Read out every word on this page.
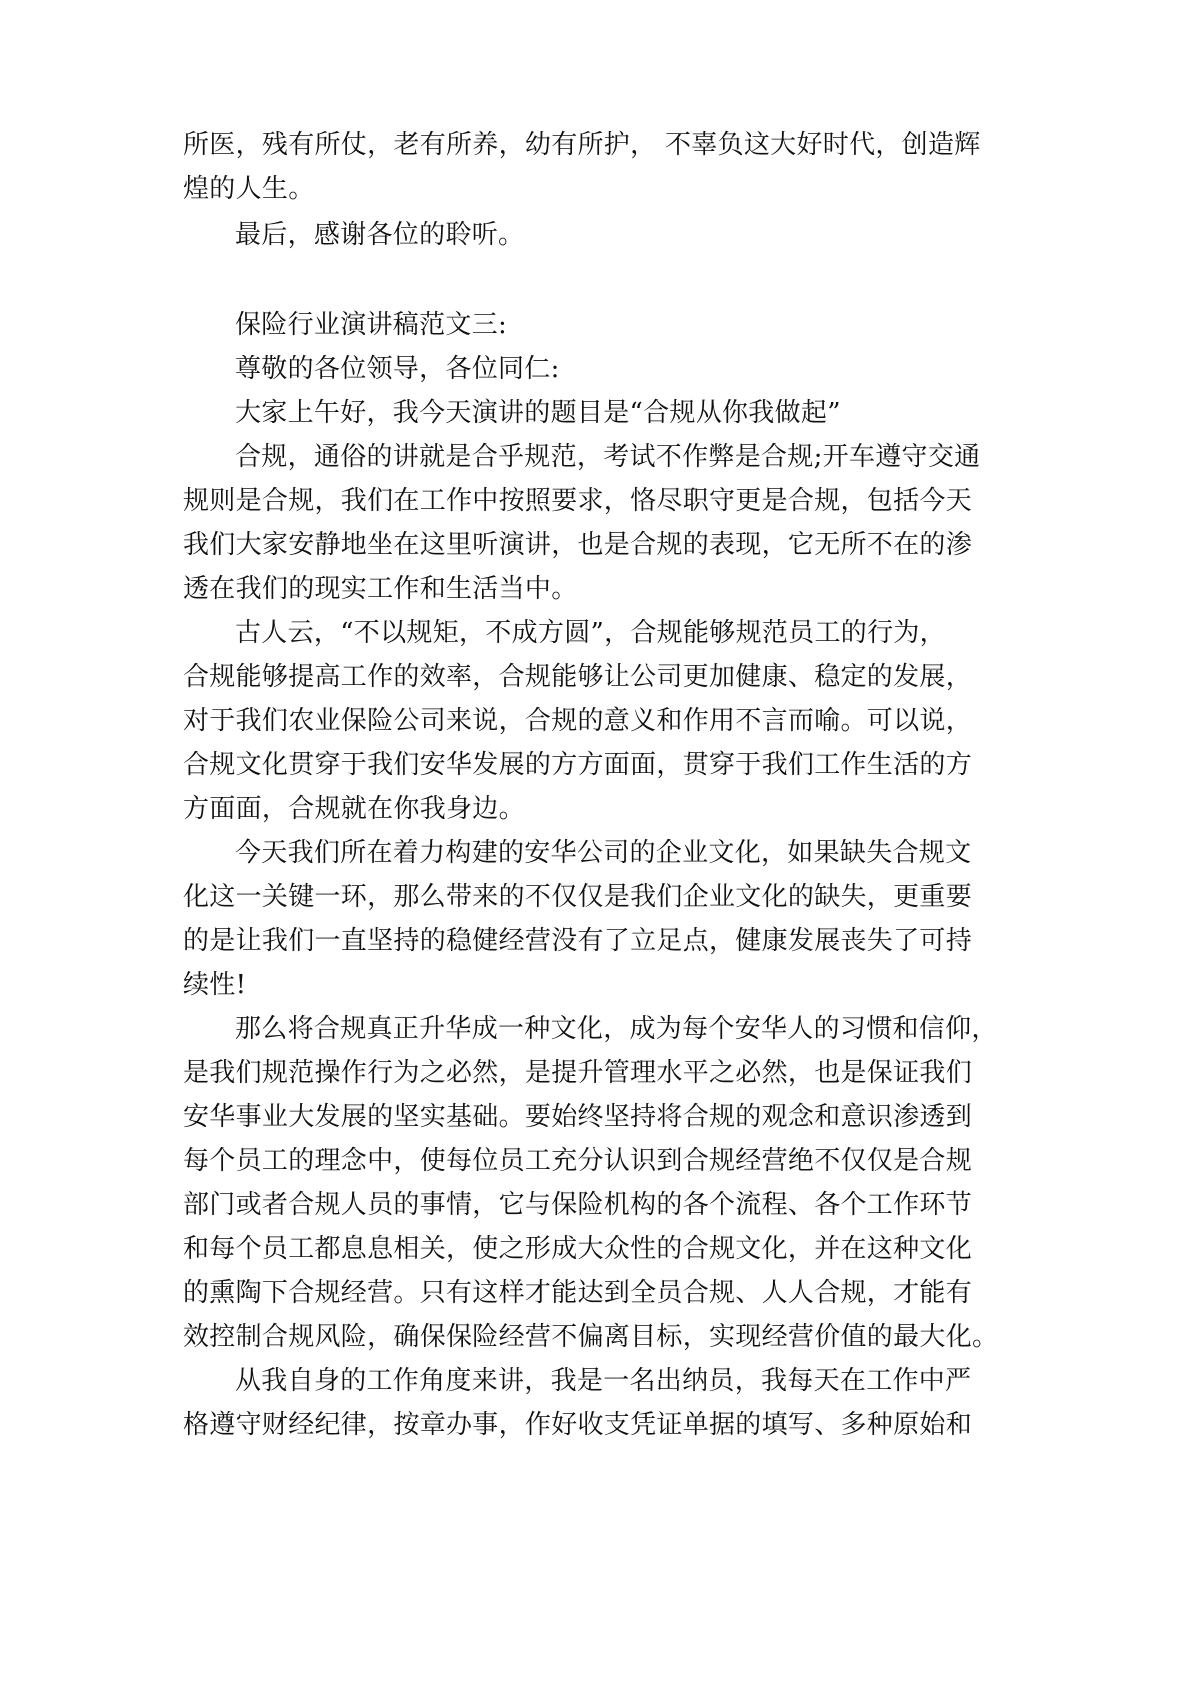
所医，残有所仗，老有所养，幼有所护， 不辜负这大好时代，创造辉
煌的人生。
最后，感谢各位的聆听。
保险行业演讲稿范文三:
尊敬的各位领导，各位同仁:
大家上午好，我今天演讲的题目是“合规从你我做起”
合规，通俗的讲就是合乎规范，考试不作弊是合规;开车遵守交通
规则是合规，我们在工作中按照要求，恪尽职守更是合规，包括今天
我们大家安静地坐在这里听演讲，也是合规的表现，它无所不在的渗
透在我们的现实工作和生活当中。
古人云，“不以规矩，不成方圆”，合规能够规范员工的行为，
合规能够提高工作的效率，合规能够让公司更加健康、稳定的发展，
对于我们农业保险公司来说，合规的意义和作用不言而喻。可以说，
合规文化贯穿于我们安华发展的方方面面，贯穿于我们工作生活的方
方面面，合规就在你我身边。
今天我们所在着力构建的安华公司的企业文化，如果缺失合规文
化这一关键一环，那么带来的不仅仅是我们企业文化的缺失，更重要
的是让我们一直坚持的稳健经营没有了立足点，健康发展丧失了可持
续性!
那么将合规真正升华成一种文化，成为每个安华人的习惯和信仰，
是我们规范操作行为之必然，是提升管理水平之必然，也是保证我们
安华事业大发展的坚实基础。要始终坚持将合规的观念和意识渗透到
每个员工的理念中，使每位员工充分认识到合规经营绝不仅仅是合规
部门或者合规人员的事情，它与保险机构的各个流程、各个工作环节
和每个员工都息息相关，使之形成大众性的合规文化，并在这种文化
的熏陶下合规经营。只有这样才能达到全员合规、人人合规，才能有
效控制合规风险，确保保险经营不偏离目标，实现经营价值的最大化。
从我自身的工作角度来讲，我是一名出纳员，我每天在工作中严
格遵守财经纪律，按章办事，作好收支凭证单据的填写、多种原始和
